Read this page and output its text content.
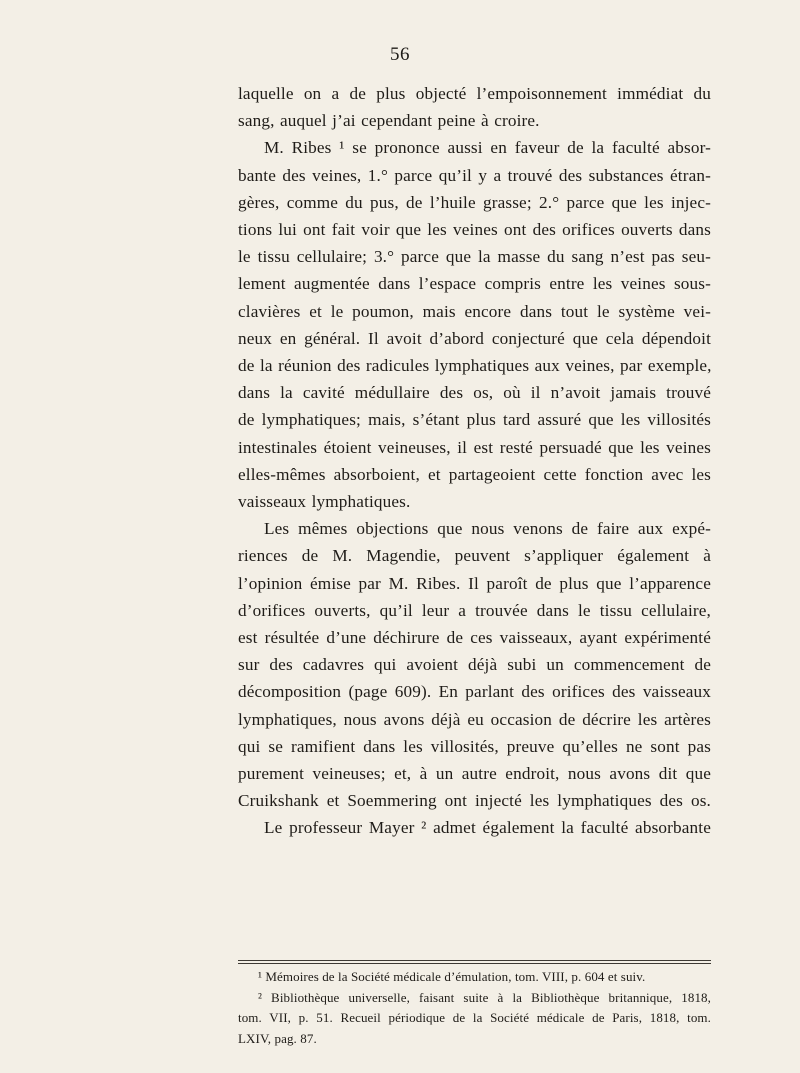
56
laquelle on a de plus objecté l’empoisonnement immédiat du
sang, auquel j’ai cependant peine à croire.
M. Ribes ¹ se prononce aussi en faveur de la faculté absor-
bante des veines, 1.° parce qu’il y a trouvé des substances étran-
gères, comme du pus, de l’huile grasse; 2.° parce que les injec-
tions lui ont fait voir que les veines ont des orifices ouverts dans
le tissu cellulaire; 3.° parce que la masse du sang n’est pas seu-
lement augmentée dans l’espace compris entre les veines sous-
clavières et le poumon, mais encore dans tout le système vei-
neux en général. Il avoit d’abord conjecturé que cela dépendoit
de la réunion des radicules lymphatiques aux veines, par exemple,
dans la cavité médullaire des os, où il n’avoit jamais trouvé
de lymphatiques; mais, s’étant plus tard assuré que les villosités
intestinales étoient veineuses, il est resté persuadé que les veines
elles-mêmes absorboient, et partageoient cette fonction avec les
vaisseaux lymphatiques.
Les mêmes objections que nous venons de faire aux expé-
riences de M. Magendie, peuvent s’appliquer également à
l’opinion émise par M. Ribes. Il paroît de plus que l’apparence
d’orifices ouverts, qu’il leur a trouvée dans le tissu cellulaire,
est résultée d’une déchirure de ces vaisseaux, ayant expérimenté
sur des cadavres qui avoient déjà subi un commencement de
décomposition (page 609). En parlant des orifices des vaisseaux
lymphatiques, nous avons déjà eu occasion de décrire les artères
qui se ramifient dans les villosités, preuve qu’elles ne sont pas
purement veineuses; et, à un autre endroit, nous avons dit que
Cruikshank et Soemmering ont injecté les lymphatiques des os.
Le professeur Mayer ² admet également la faculté absorbante
¹ Mémoires de la Société médicale d’émulation, tom. VIII, p. 604 et suiv.
² Bibliothèque universelle, faisant suite à la Bibliothèque britannique, 1818,
tom. VII, p. 51. Recueil périodique de la Société médicale de Paris, 1818, tom.
LXIV, pag. 87.
